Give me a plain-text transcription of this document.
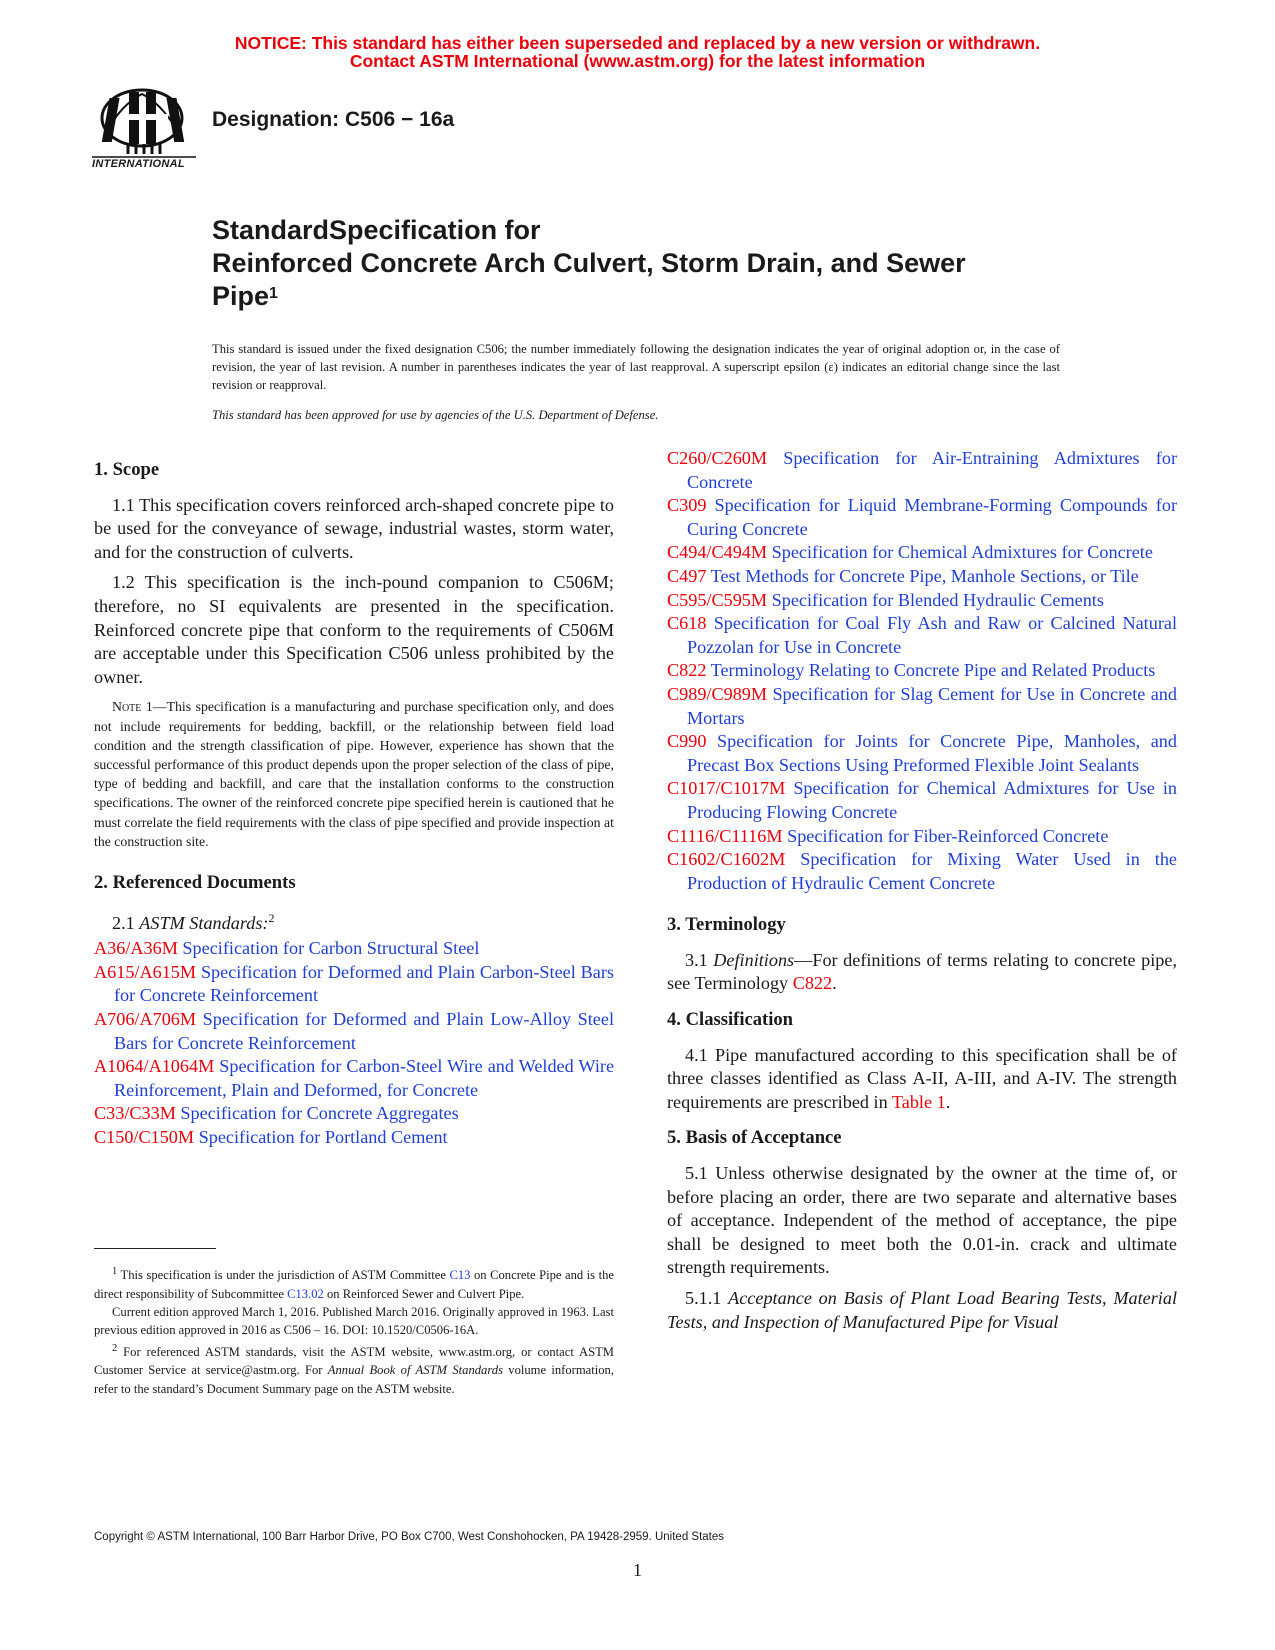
NOTICE: This standard has either been superseded and replaced by a new version or withdrawn.
Contact ASTM International (www.astm.org) for the latest information
INTERNATIONAL
Designation: C506 − 16a
StandardSpecification for
Reinforced Concrete Arch Culvert, Storm Drain, and Sewer
Pipe$^1$
This standard is issued under the fixed designation C506; the number immediately following the designation indicates the year of original adoption or, in the case of revision, the year of last revision. A number in parentheses indicates the year of last reapproval. A superscript epsilon (ε) indicates an editorial change since the last revision or reapproval.
This standard has been approved for use by agencies of the U.S. Department of Defense.
1. Scope
1.1 This specification covers reinforced arch-shaped concrete pipe to be used for the conveyance of sewage, industrial wastes, storm water, and for the construction of culverts.
1.2 This specification is the inch-pound companion to C506M; therefore, no SI equivalents are presented in the specification. Reinforced concrete pipe that conform to the requirements of C506M are acceptable under this Specification C506 unless prohibited by the owner.
Note 1—This specification is a manufacturing and purchase specification only, and does not include requirements for bedding, backfill, or the relationship between field load condition and the strength classification of pipe. However, experience has shown that the successful performance of this product depends upon the proper selection of the class of pipe, type of bedding and backfill, and care that the installation conforms to the construction specifications. The owner of the reinforced concrete pipe specified herein is cautioned that he must correlate the field requirements with the class of pipe specified and provide inspection at the construction site.
2. Referenced Documents
2.1 ASTM Standards:$^2$
A36/A36M Specification for Carbon Structural Steel
A615/A615M Specification for Deformed and Plain Carbon-Steel Bars for Concrete Reinforcement
A706/A706M Specification for Deformed and Plain Low-Alloy Steel Bars for Concrete Reinforcement
A1064/A1064M Specification for Carbon-Steel Wire and Welded Wire Reinforcement, Plain and Deformed, for Concrete
C33/C33M Specification for Concrete Aggregates
C150/C150M Specification for Portland Cement
C260/C260M Specification for Air-Entraining Admixtures for Concrete
C309 Specification for Liquid Membrane-Forming Compounds for Curing Concrete
C494/C494M Specification for Chemical Admixtures for Concrete
C497 Test Methods for Concrete Pipe, Manhole Sections, or Tile
C595/C595M Specification for Blended Hydraulic Cements
C618 Specification for Coal Fly Ash and Raw or Calcined Natural Pozzolan for Use in Concrete
C822 Terminology Relating to Concrete Pipe and Related Products
C989/C989M Specification for Slag Cement for Use in Concrete and Mortars
C990 Specification for Joints for Concrete Pipe, Manholes, and Precast Box Sections Using Preformed Flexible Joint Sealants
C1017/C1017M Specification for Chemical Admixtures for Use in Producing Flowing Concrete
C1116/C1116M Specification for Fiber-Reinforced Concrete
C1602/C1602M Specification for Mixing Water Used in the Production of Hydraulic Cement Concrete
3. Terminology
3.1 Definitions—For definitions of terms relating to concrete pipe, see Terminology C822.
4. Classification
4.1 Pipe manufactured according to this specification shall be of three classes identified as Class A-II, A-III, and A-IV. The strength requirements are prescribed in Table 1.
5. Basis of Acceptance
5.1 Unless otherwise designated by the owner at the time of, or before placing an order, there are two separate and alternative bases of acceptance. Independent of the method of acceptance, the pipe shall be designed to meet both the 0.01-in. crack and ultimate strength requirements.
5.1.1 Acceptance on Basis of Plant Load Bearing Tests, Material Tests, and Inspection of Manufactured Pipe for Visual

$^1$ This specification is under the jurisdiction of ASTM Committee C13 on Concrete Pipe and is the direct responsibility of Subcommittee C13.02 on Reinforced Sewer and Culvert Pipe.

Current edition approved March 1, 2016. Published March 2016. Originally approved in 1963. Last previous edition approved in 2016 as C506 – 16. DOI: 10.1520/C0506-16A.

$^2$ For referenced ASTM standards, visit the ASTM website, www.astm.org, or contact ASTM Customer Service at service@astm.org. For Annual Book of ASTM Standards volume information, refer to the standard’s Document Summary page on the ASTM website.

Copyright © ASTM International, 100 Barr Harbor Drive, PO Box C700, West Conshohocken, PA 19428-2959. United States
1
